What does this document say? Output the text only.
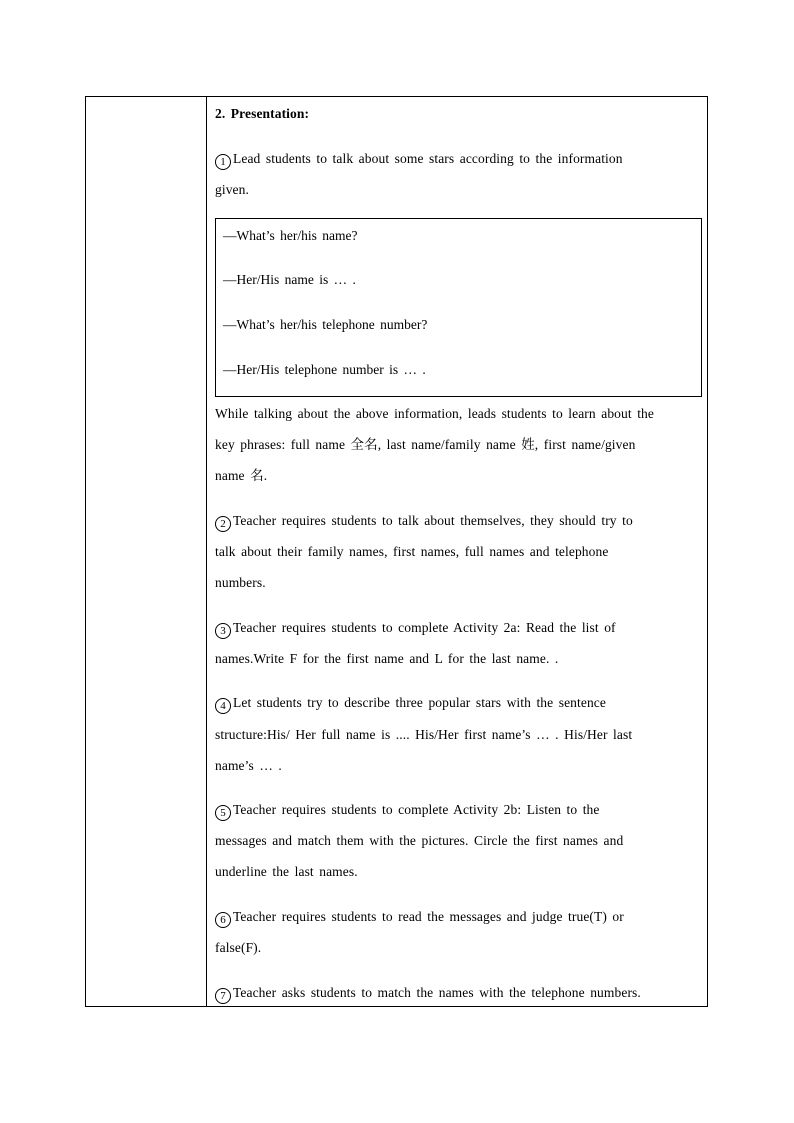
2. Presentation:
1 Lead students to talk about some stars according to the information
given.
—What’s her/his name?
—Her/His name is … .
—What’s her/his telephone number?
—Her/His telephone number is … .
While talking about the above information, leads students to learn about the
key phrases: full name 全名, last name/family name 姓, first name/given
name 名.
2 Teacher requires students to talk about themselves, they should try to
talk about their family names, first names, full names and telephone
numbers.
3 Teacher requires students to complete Activity 2a: Read the list of
names.Write F for the first name and L for the last name. .
4 Let students try to describe three popular stars with the sentence
structure:His/ Her full name is .... His/Her first name’s … . His/Her last
name’s … .
5 Teacher requires students to complete Activity 2b: Listen to the
messages and match them with the pictures. Circle the first names and
underline the last names.
6 Teacher requires students to read the messages and judge true(T) or
false(F).
7 Teacher asks students to match the names with the telephone numbers.
